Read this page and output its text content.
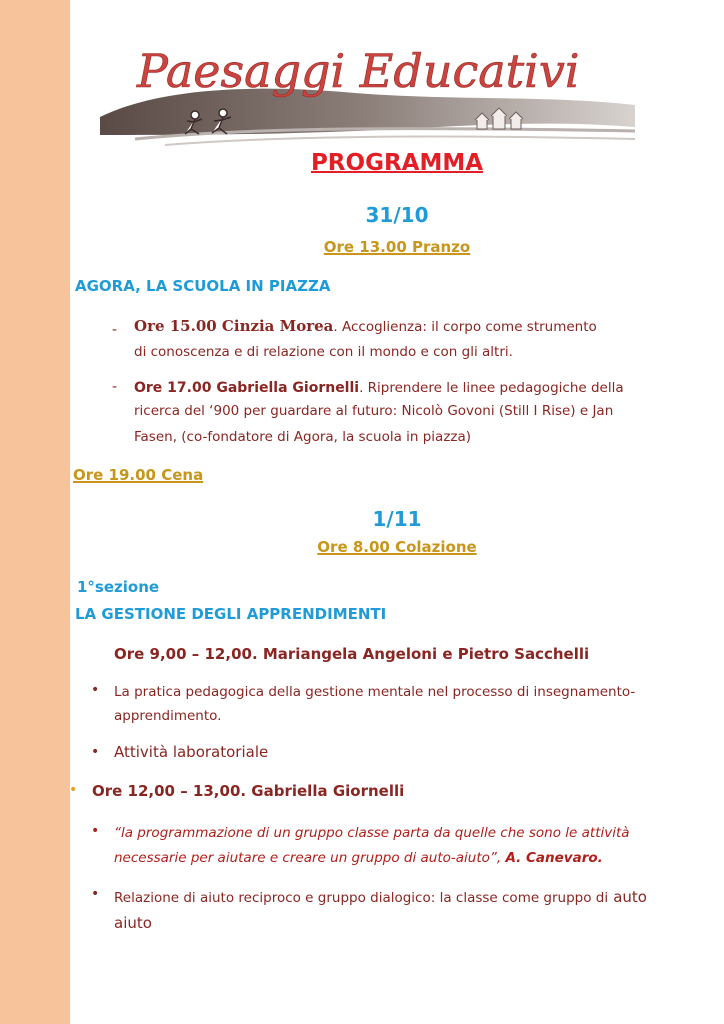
Paesaggi Educativi
PROGRAMMA
31/10
Ore 13.00 Pranzo
AGORA, LA SCUOLA IN PIAZZA
- Ore 15.00 Cinzia Morea. Accoglienza: il corpo come strumento
di conoscenza e di relazione con il mondo e con gli altri.
- Ore 17.00 Gabriella Giornelli. Riprendere le linee pedagogiche della
ricerca del ‘900 per guardare al futuro: Nicolò Govoni (Still I Rise) e Jan
Fasen, (co-fondatore di Agora, la scuola in piazza)
Ore 19.00 Cena
1/11
Ore 8.00 Colazione
1°sezione
LA GESTIONE DEGLI APPRENDIMENTI
Ore 9,00 – 12,00. Mariangela Angeloni e Pietro Sacchelli
• La pratica pedagogica della gestione mentale nel processo di insegnamento-
apprendimento.
• Attività laboratoriale
• Ore 12,00 – 13,00. Gabriella Giornelli
• “la programmazione di un gruppo classe parta da quelle che sono le attività
necessarie per aiutare e creare un gruppo di auto-aiuto”, A. Canevaro.
• Relazione di aiuto reciproco e gruppo dialogico: la classe come gruppo di auto
aiuto
